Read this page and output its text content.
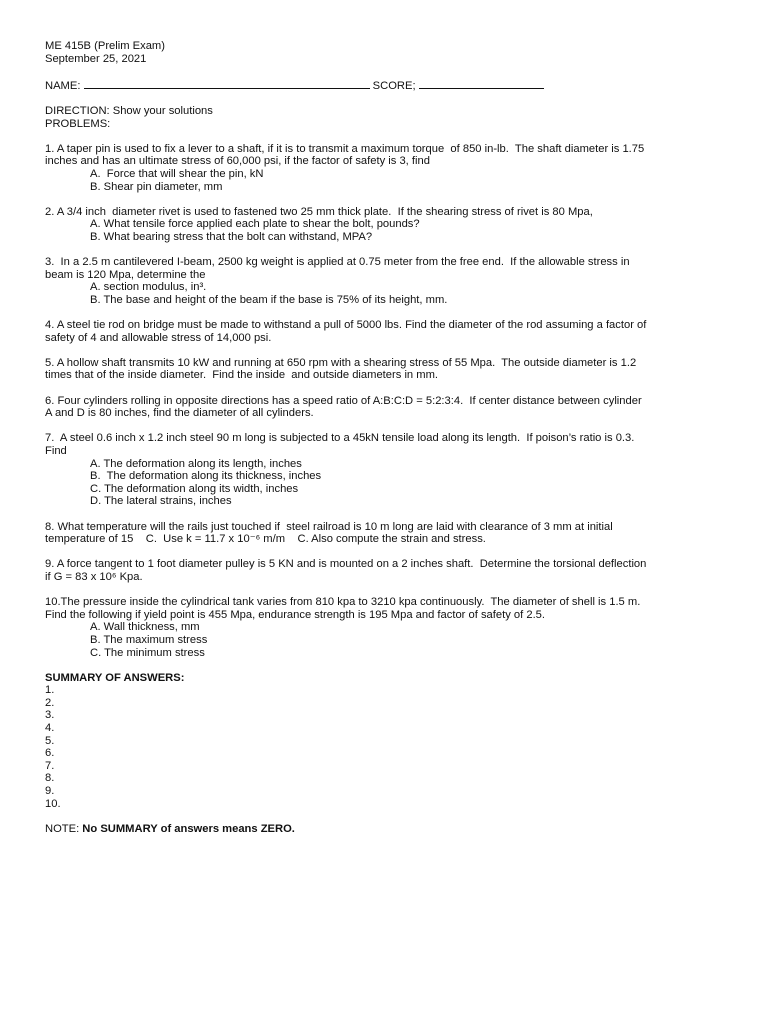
ME 415B (Prelim Exam)
September 25, 2021
NAME:	SCORE;
DIRECTION: Show your solutions
PROBLEMS:
1. A taper pin is used to fix a lever to a shaft, if it is to transmit a maximum torque  of 850 in-lb.  The shaft diameter is 1.75
inches and has an ultimate stress of 60,000 psi, if the factor of safety is 3, find
A.  Force that will shear the pin, kN
B. Shear pin diameter, mm
2. A 3/4 inch  diameter rivet is used to fastened two 25 mm thick plate.  If the shearing stress of rivet is 80 Mpa,
A. What tensile force applied each plate to shear the bolt, pounds?
B. What bearing stress that the bolt can withstand, MPA?
3.  In a 2.5 m cantilevered I-beam, 2500 kg weight is applied at 0.75 meter from the free end.  If the allowable stress in
beam is 120 Mpa, determine the
A. section modulus, in³.
B. The base and height of the beam if the base is 75% of its height, mm.
4. A steel tie rod on bridge must be made to withstand a pull of 5000 lbs. Find the diameter of the rod assuming a factor of
safety of 4 and allowable stress of 14,000 psi.
5. A hollow shaft transmits 10 kW and running at 650 rpm with a shearing stress of 55 Mpa.  The outside diameter is 1.2
times that of the inside diameter.  Find the inside  and outside diameters in mm.
6. Four cylinders rolling in opposite directions has a speed ratio of A:B:C:D = 5:2:3:4.  If center distance between cylinder
A and D is 80 inches, find the diameter of all cylinders.
7.  A steel 0.6 inch x 1.2 inch steel 90 m long is subjected to a 45kN tensile load along its length.  If poison’s ratio is 0.3.
Find
A. The deformation along its length, inches
B.  The deformation along its thickness, inches
C. The deformation along its width, inches
D. The lateral strains, inches
8. What temperature will the rails just touched if  steel railroad is 10 m long are laid with clearance of 3 mm at initial
temperature of 15    C.  Use k = 11.7 x 10⁻⁶ m/m    C. Also compute the strain and stress.
9. A force tangent to 1 foot diameter pulley is 5 KN and is mounted on a 2 inches shaft.  Determine the torsional deflection
if G = 83 x 10⁶ Kpa.
10.The pressure inside the cylindrical tank varies from 810 kpa to 3210 kpa continuously.  The diameter of shell is 1.5 m.
Find the following if yield point is 455 Mpa, endurance strength is 195 Mpa and factor of safety of 2.5.
A. Wall thickness, mm
B. The maximum stress
C. The minimum stress
SUMMARY OF ANSWERS:
1.
2.
3.
4.
5.
6.
7.
8.
9.
10.
NOTE: No SUMMARY of answers means ZERO.
